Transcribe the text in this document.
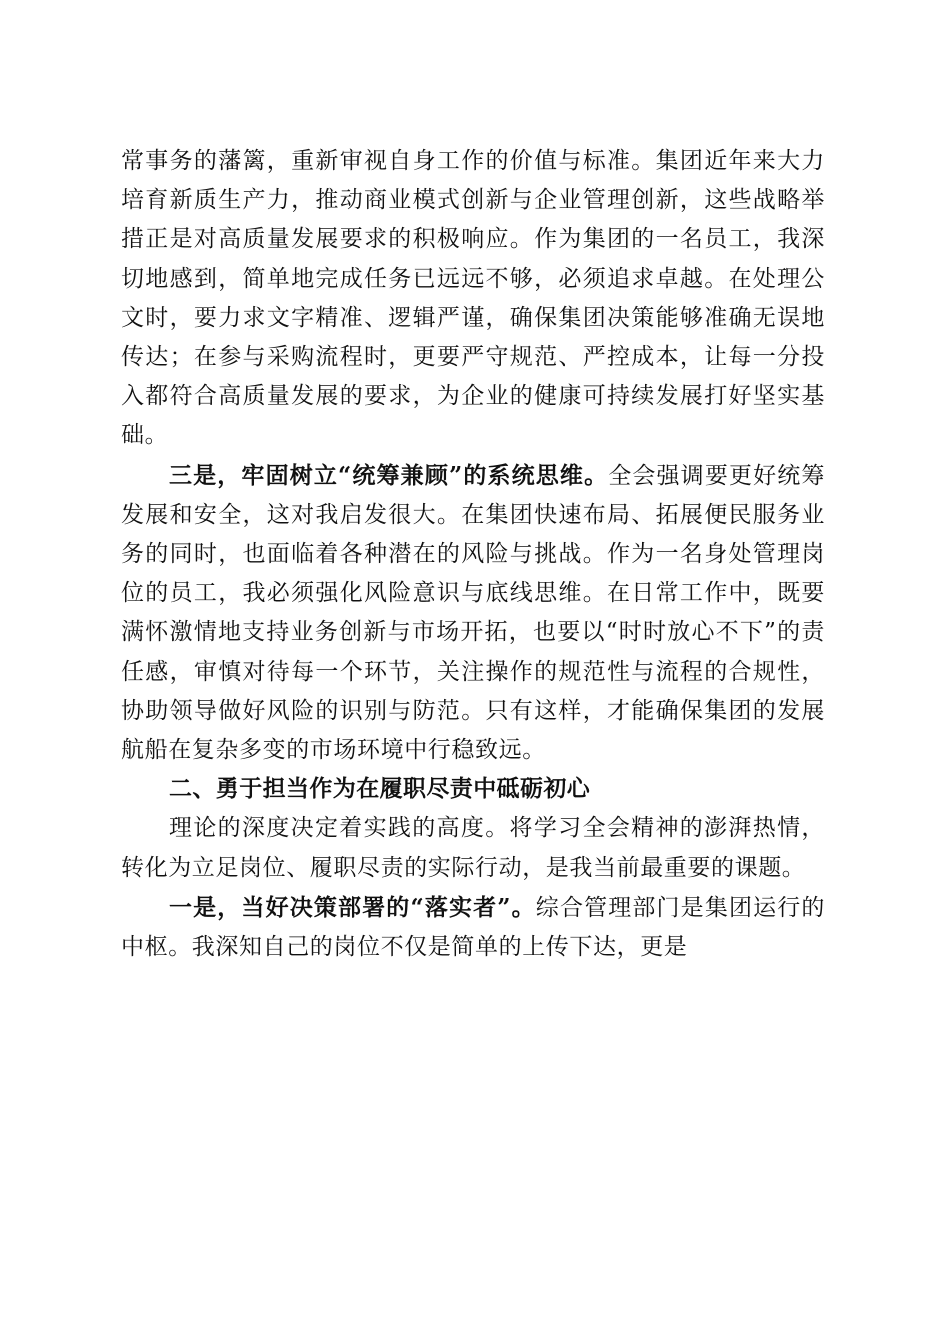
常事务的藩篱，重新审视自身工作的价值与标准。集团近年来大力培育新质生产力，推动商业模式创新与企业管理创新，这些战略举措正是对高质量发展要求的积极响应。作为集团的一名员工，我深切地感到，简单地完成任务已远远不够，必须追求卓越。在处理公文时，要力求文字精准、逻辑严谨，确保集团决策能够准确无误地传达；在参与采购流程时，更要严守规范、严控成本，让每一分投入都符合高质量发展的要求，为企业的健康可持续发展打好坚实基础。

三是，牢固树立“统筹兼顾”的系统思维。全会强调要更好统筹发展和安全，这对我启发很大。在集团快速布局、拓展便民服务业务的同时，也面临着各种潜在的风险与挑战。作为一名身处管理岗位的员工，我必须强化风险意识与底线思维。在日常工作中，既要满怀激情地支持业务创新与市场开拓，也要以“时时放心不下”的责任感，审慎对待每一个环节，关注操作的规范性与流程的合规性，协助领导做好风险的识别与防范。只有这样，才能确保集团的发展航船在复杂多变的市场环境中行稳致远。

二、勇于担当作为在履职尽责中砥砺初心

理论的深度决定着实践的高度。将学习全会精神的澎湃热情，转化为立足岗位、履职尽责的实际行动，是我当前最重要的课题。

一是，当好决策部署的“落实者”。综合管理部门是集团运行的中枢。我深知自己的岗位不仅是简单的上传下达，更是
